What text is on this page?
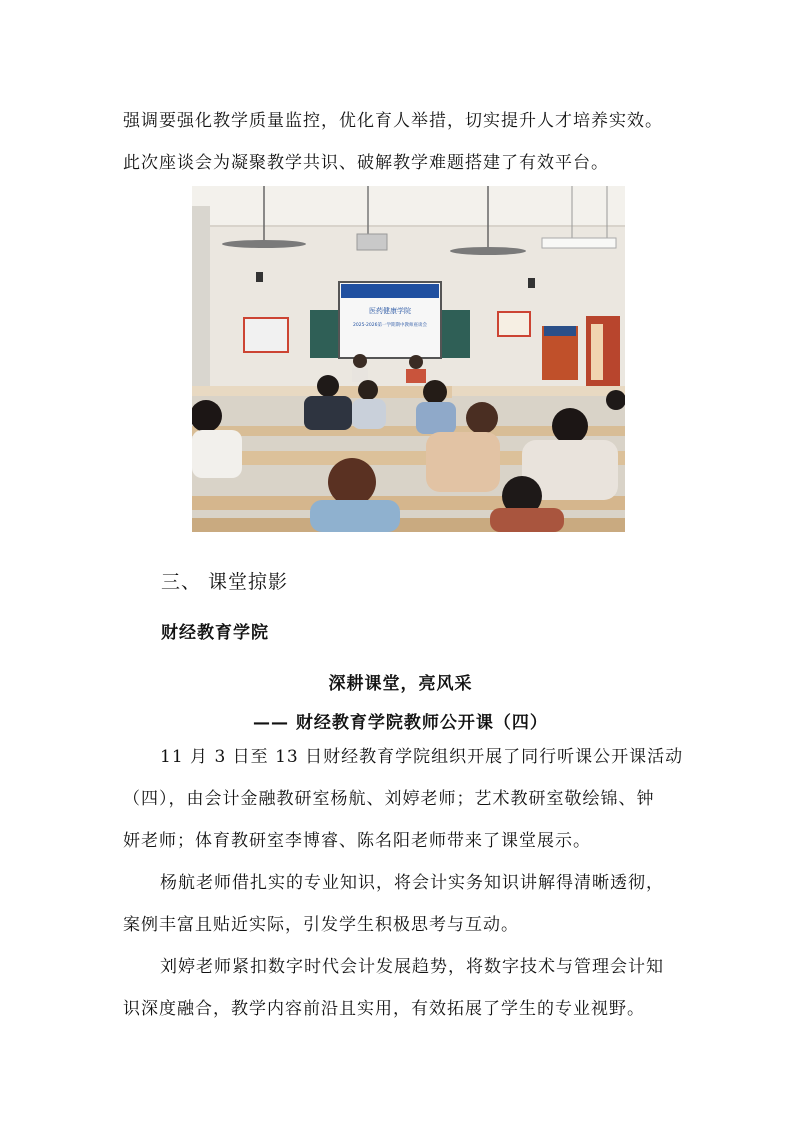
强调要强化教学质量监控，优化育人举措，切实提升人才培养实效。
此次座谈会为凝聚教学共识、破解教学难题搭建了有效平台。
医药健康学院
2025-2026第一学期期中教师座谈会
三、 课堂掠影
财经教育学院
深耕课堂，亮风采
—— 财经教育学院教师公开课（四）
11 月 3 日至 13 日财经教育学院组织开展了同行听课公开课活动
（四），由会计金融教研室杨航、刘婷老师；艺术教研室敬绘锦、钟
妍老师；体育教研室李博睿、陈名阳老师带来了课堂展示。
杨航老师借扎实的专业知识，将会计实务知识讲解得清晰透彻，
案例丰富且贴近实际，引发学生积极思考与互动。
刘婷老师紧扣数字时代会计发展趋势，将数字技术与管理会计知
识深度融合，教学内容前沿且实用，有效拓展了学生的专业视野。
